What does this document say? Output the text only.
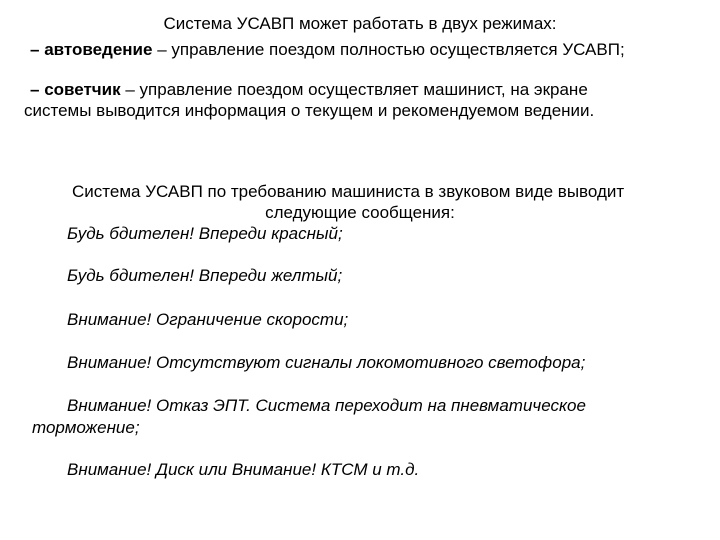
Система УСАВП может работать в двух режимах:
– автоведение – управление поездом полностью осуществляется УСАВП;
– советчик – управление поездом осуществляет машинист, на экране
системы выводится информация о текущем и рекомендуемом ведении.
Система УСАВП по требованию машиниста в звуковом виде выводит
следующие сообщения:
Будь бдителен! Впереди красный;
Будь бдителен! Впереди желтый;
Внимание! Ограничение скорости;
Внимание! Отсутствуют сигналы локомотивного светофора;
Внимание! Отказ ЭПТ. Система переходит на пневматическое
торможение;
Внимание! Диск или Внимание! КТСМ и т.д.
